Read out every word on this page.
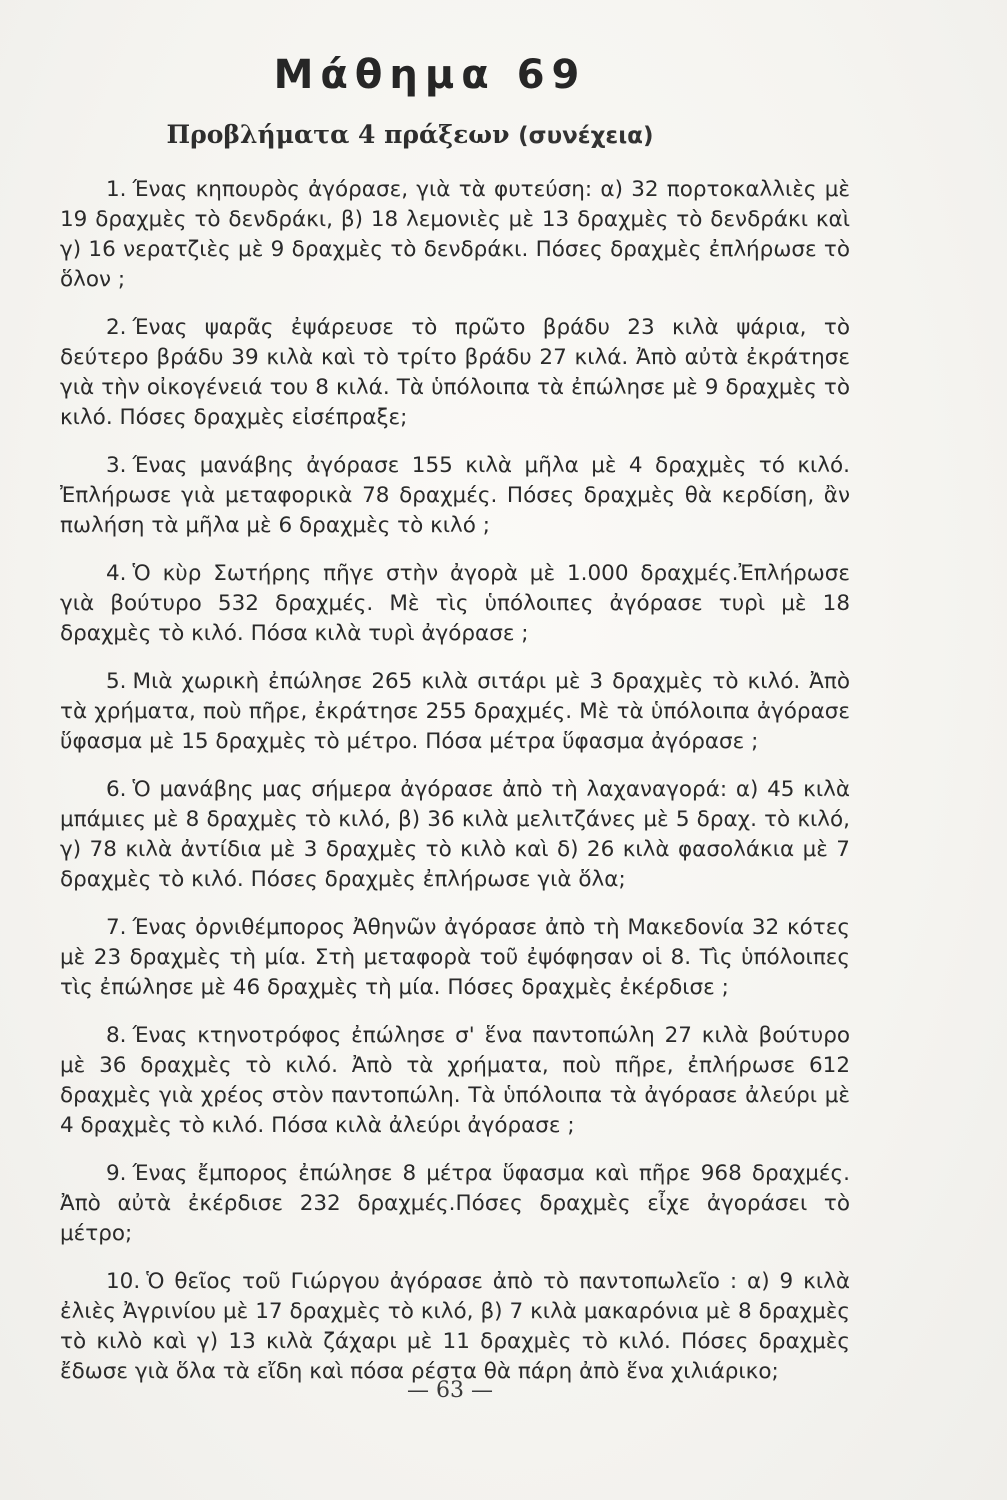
Μάθημα 69
Προβλήματα 4 πράξεων (συνέχεια)
1. Ένας κηπουρὸς ἀγόρασε, γιὰ τὰ φυτεύση: α) 32 πορτοκαλλιὲς μὲ 19 δραχμὲς τὸ δενδράκι, β) 18 λεμονιὲς μὲ 13 δραχμὲς τὸ δενδράκι καὶ γ) 16 νερατζιὲς μὲ 9 δραχμὲς τὸ δενδράκι. Πόσες δραχμὲς ἐπλήρωσε τὸ ὅλον ;
2. Ένας ψαρᾶς ἐψάρευσε τὸ πρῶτο βράδυ 23 κιλὰ ψάρια, τὸ δεύτερο βράδυ 39 κιλὰ καὶ τὸ τρίτο βράδυ 27 κιλά. Ἀπὸ αὐτὰ ἐκράτησε γιὰ τὴν οἰκογένειά του 8 κιλά. Τὰ ὑπόλοιπα τὰ ἐπώλησε μὲ 9 δραχμὲς τὸ κιλό. Πόσες δραχμὲς εἰσέπραξε;
3. Ένας μανάβης ἀγόρασε 155 κιλὰ μῆλα μὲ 4 δραχμὲς τό κιλό. Ἐπλήρωσε γιὰ μεταφορικὰ 78 δραχμές. Πόσες δραχμὲς θὰ κερδίση, ἂν πωλήση τὰ μῆλα μὲ 6 δραχμὲς τὸ κιλό ;
4. Ὁ κὺρ Σωτήρης πῆγε στὴν ἀγορὰ μὲ 1.000 δραχμές.Ἐπλήρωσε γιὰ βούτυρο 532 δραχμές. Μὲ τὶς ὑπόλοιπες ἀγόρασε τυρὶ μὲ 18 δραχμὲς τὸ κιλό. Πόσα κιλὰ τυρὶ ἀγόρασε ;
5. Μιὰ χωρικὴ ἐπώλησε 265 κιλὰ σιτάρι μὲ 3 δραχμὲς τὸ κιλό. Ἀπὸ τὰ χρήματα, ποὺ πῆρε, ἐκράτησε 255 δραχμές. Μὲ τὰ ὑπόλοιπα ἀγόρασε ὕφασμα μὲ 15 δραχμὲς τὸ μέτρο. Πόσα μέτρα ὕφασμα ἀγόρασε ;
6. Ὁ μανάβης μας σήμερα ἀγόρασε ἀπὸ τὴ λαχαναγορά: α) 45 κιλὰ μπάμιες μὲ 8 δραχμὲς τὸ κιλό, β) 36 κιλὰ μελιτζάνες μὲ 5 δραχ. τὸ κιλό, γ) 78 κιλὰ ἀντίδια μὲ 3 δραχμὲς τὸ κιλὸ καὶ δ) 26 κιλὰ φασολάκια μὲ 7 δραχμὲς τὸ κιλό. Πόσες δραχμὲς ἐπλήρωσε γιὰ ὅλα;
7. Ένας ὀρνιθέμπορος Ἀθηνῶν ἀγόρασε ἀπὸ τὴ Μακεδονία 32 κότες μὲ 23 δραχμὲς τὴ μία. Στὴ μεταφορὰ τοῦ ἐψόφησαν οἱ 8. Τὶς ὑπόλοιπες τὶς ἐπώλησε μὲ 46 δραχμὲς τὴ μία. Πόσες δραχμὲς ἐκέρδισε ;
8. Ένας κτηνοτρόφος ἐπώλησε σ' ἕνα παντοπώλη 27 κιλὰ βούτυρο μὲ 36 δραχμὲς τὸ κιλό. Ἀπὸ τὰ χρήματα, ποὺ πῆρε, ἐπλήρωσε 612 δραχμὲς γιὰ χρέος στὸν παντοπώλη. Τὰ ὑπόλοιπα τὰ ἀγόρασε ἀλεύρι μὲ 4 δραχμὲς τὸ κιλό. Πόσα κιλὰ ἀλεύρι ἀγόρασε ;
9. Ένας ἔμπορος ἐπώλησε 8 μέτρα ὕφασμα καὶ πῆρε 968 δραχμές. Ἀπὸ αὐτὰ ἐκέρδισε 232 δραχμές.Πόσες δραχμὲς εἶχε ἀγοράσει τὸ μέτρο;
10. Ὁ θεῖος τοῦ Γιώργου ἀγόρασε ἀπὸ τὸ παντοπωλεῖο : α) 9 κιλὰ ἐλιὲς Ἀγρινίου μὲ 17 δραχμὲς τὸ κιλό, β) 7 κιλὰ μακαρόνια μὲ 8 δραχμὲς τὸ κιλὸ καὶ γ) 13 κιλὰ ζάχαρι μὲ 11 δραχμὲς τὸ κιλό. Πόσες δραχμὲς ἔδωσε γιὰ ὅλα τὰ εἴδη καὶ πόσα ρέστα θὰ πάρη ἀπὸ ἕνα χιλιάρικο;

— 63 —
